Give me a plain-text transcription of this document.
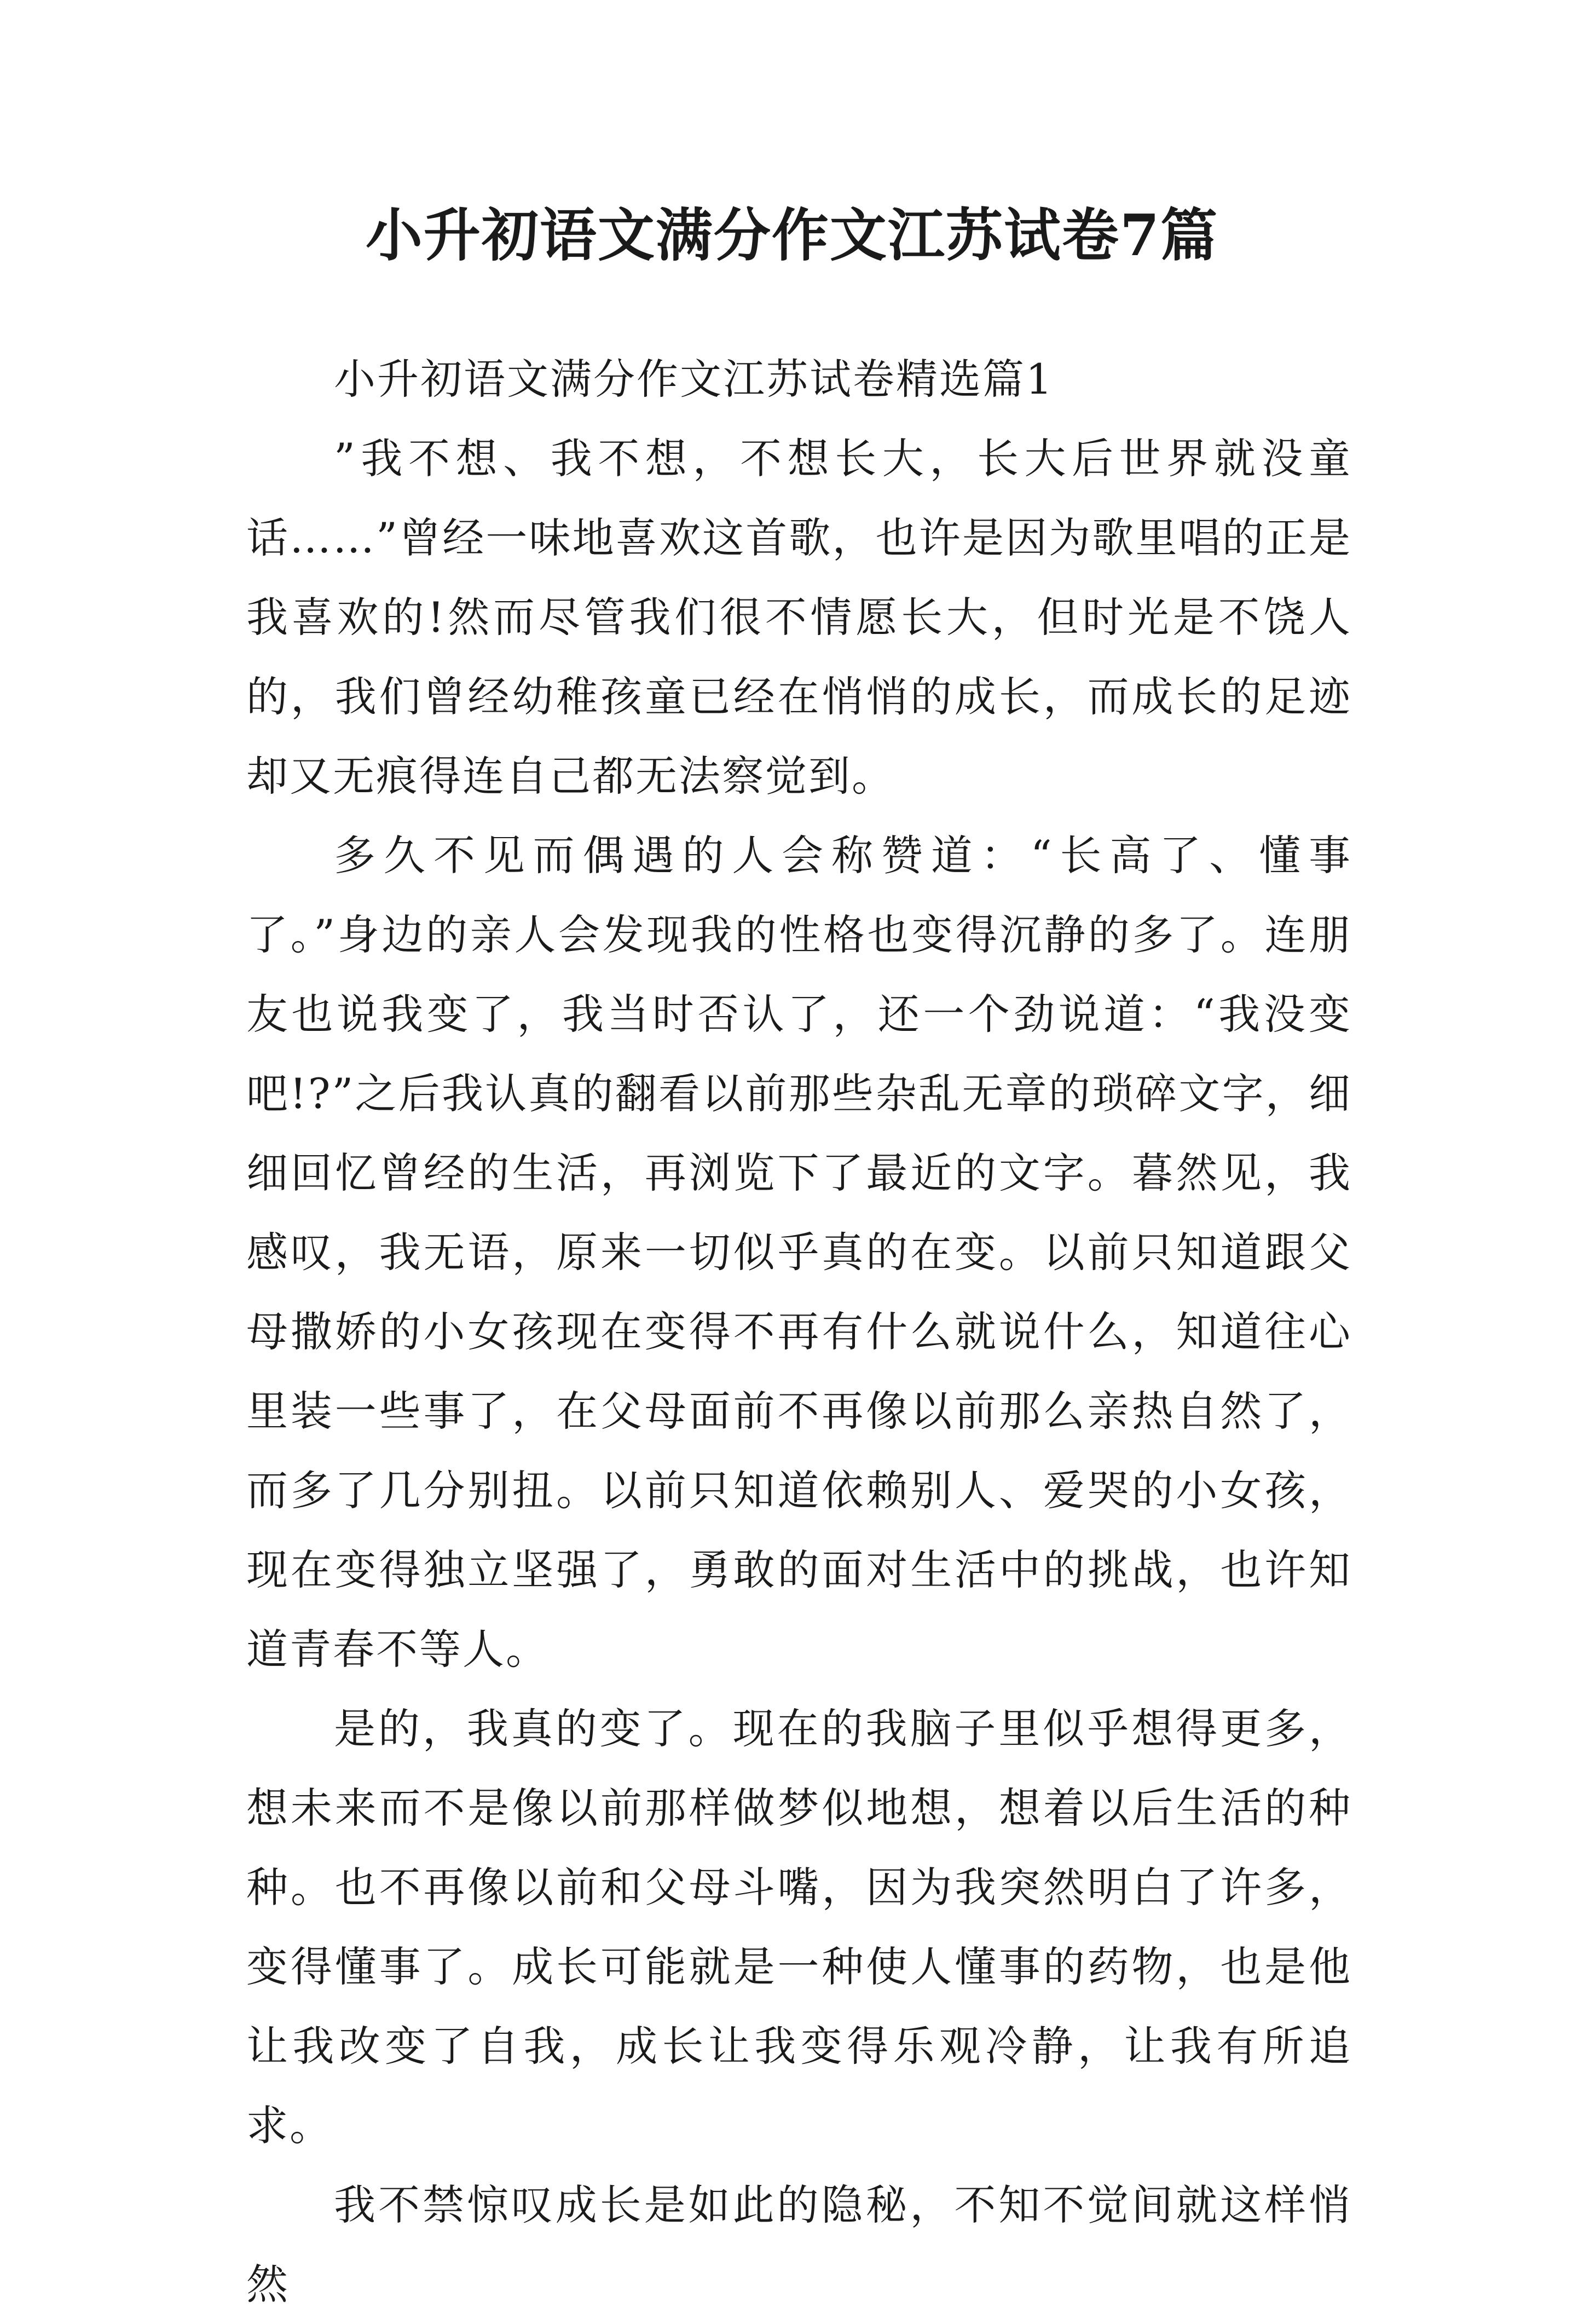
小升初语文满分作文江苏试卷7篇

小升初语文满分作文江苏试卷精选篇1

”我不想、我不想，不想长大，长大后世界就没童话……”曾经一味地喜欢这首歌，也许是因为歌里唱的正是我喜欢的!然而尽管我们很不情愿长大，但时光是不饶人的，我们曾经幼稚孩童已经在悄悄的成长，而成长的足迹却又无痕得连自己都无法察觉到。

多久不见而偶遇的人会称赞道：“长高了、懂事了。”身边的亲人会发现我的性格也变得沉静的多了。连朋友也说我变了，我当时否认了，还一个劲说道：“我没变吧!?”之后我认真的翻看以前那些杂乱无章的琐碎文字，细细回忆曾经的生活，再浏览下了最近的文字。暮然见，我感叹，我无语，原来一切似乎真的在变。以前只知道跟父母撒娇的小女孩现在变得不再有什么就说什么，知道往心里装一些事了，在父母面前不再像以前那么亲热自然了，而多了几分别扭。以前只知道依赖别人、爱哭的小女孩，现在变得独立坚强了，勇敢的面对生活中的挑战，也许知道青春不等人。

是的，我真的变了。现在的我脑子里似乎想得更多，想未来而不是像以前那样做梦似地想，想着以后生活的种种。也不再像以前和父母斗嘴，因为我突然明白了许多，变得懂事了。成长可能就是一种使人懂事的药物，也是他让我改变了自我，成长让我变得乐观冷静，让我有所追求。

我不禁惊叹成长是如此的隐秘，不知不觉间就这样悄然
